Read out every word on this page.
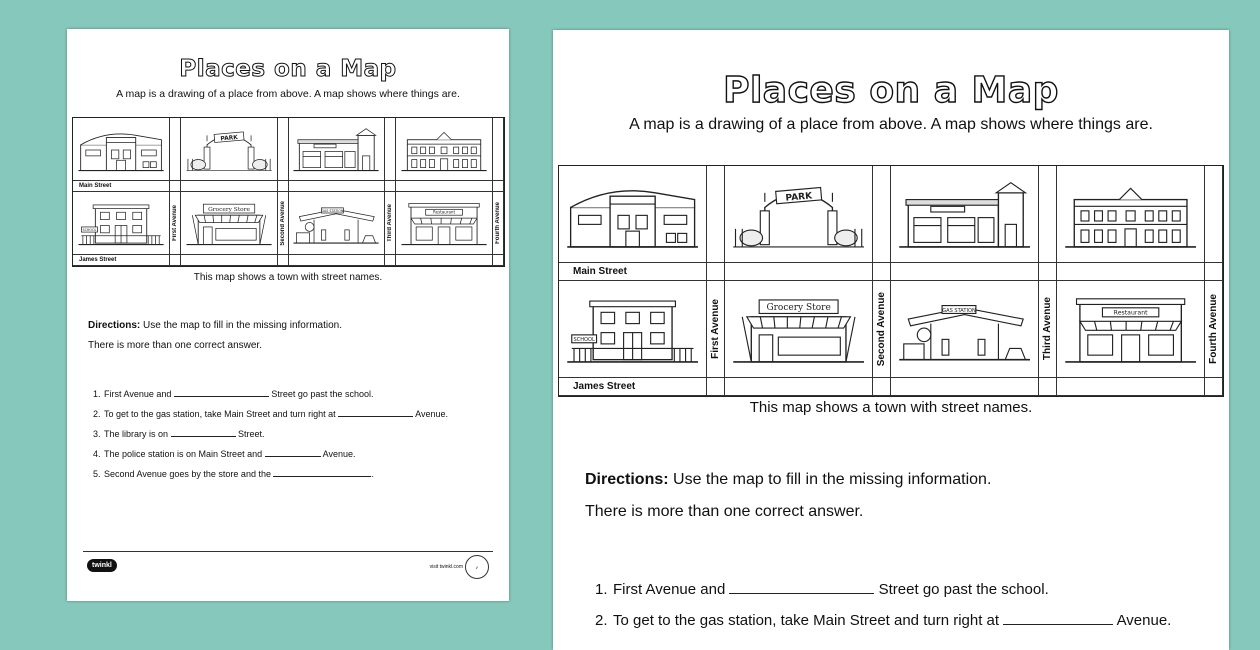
Places on a Map
A map is a drawing of a place from above. A map shows where things are.
Main Street
First Avenue	Second Avenue	Third Avenue	Fourth Avenue
James Street
This map shows a town with street names.
Directions: Use the map to fill in the missing information.
There is more than one correct answer.
1. First Avenue and	Street go past the school.
2. To get to the gas station, take Main Street and turn right at	Avenue.
3. The library is on	Street.
4. The police station is on Main Street and	Avenue.
5. Second Avenue goes by the store and the	.
twinkl	visit twinkl.com	✓
Places on a Map
A map is a drawing of a place from above. A map shows where things are.
Main Street
First Avenue	Second Avenue	Third Avenue	Fourth Avenue
James Street
This map shows a town with street names.
Directions: Use the map to fill in the missing information.
There is more than one correct answer.
1. First Avenue and	Street go past the school.
2. To get to the gas station, take Main Street and turn right at	Avenue.
